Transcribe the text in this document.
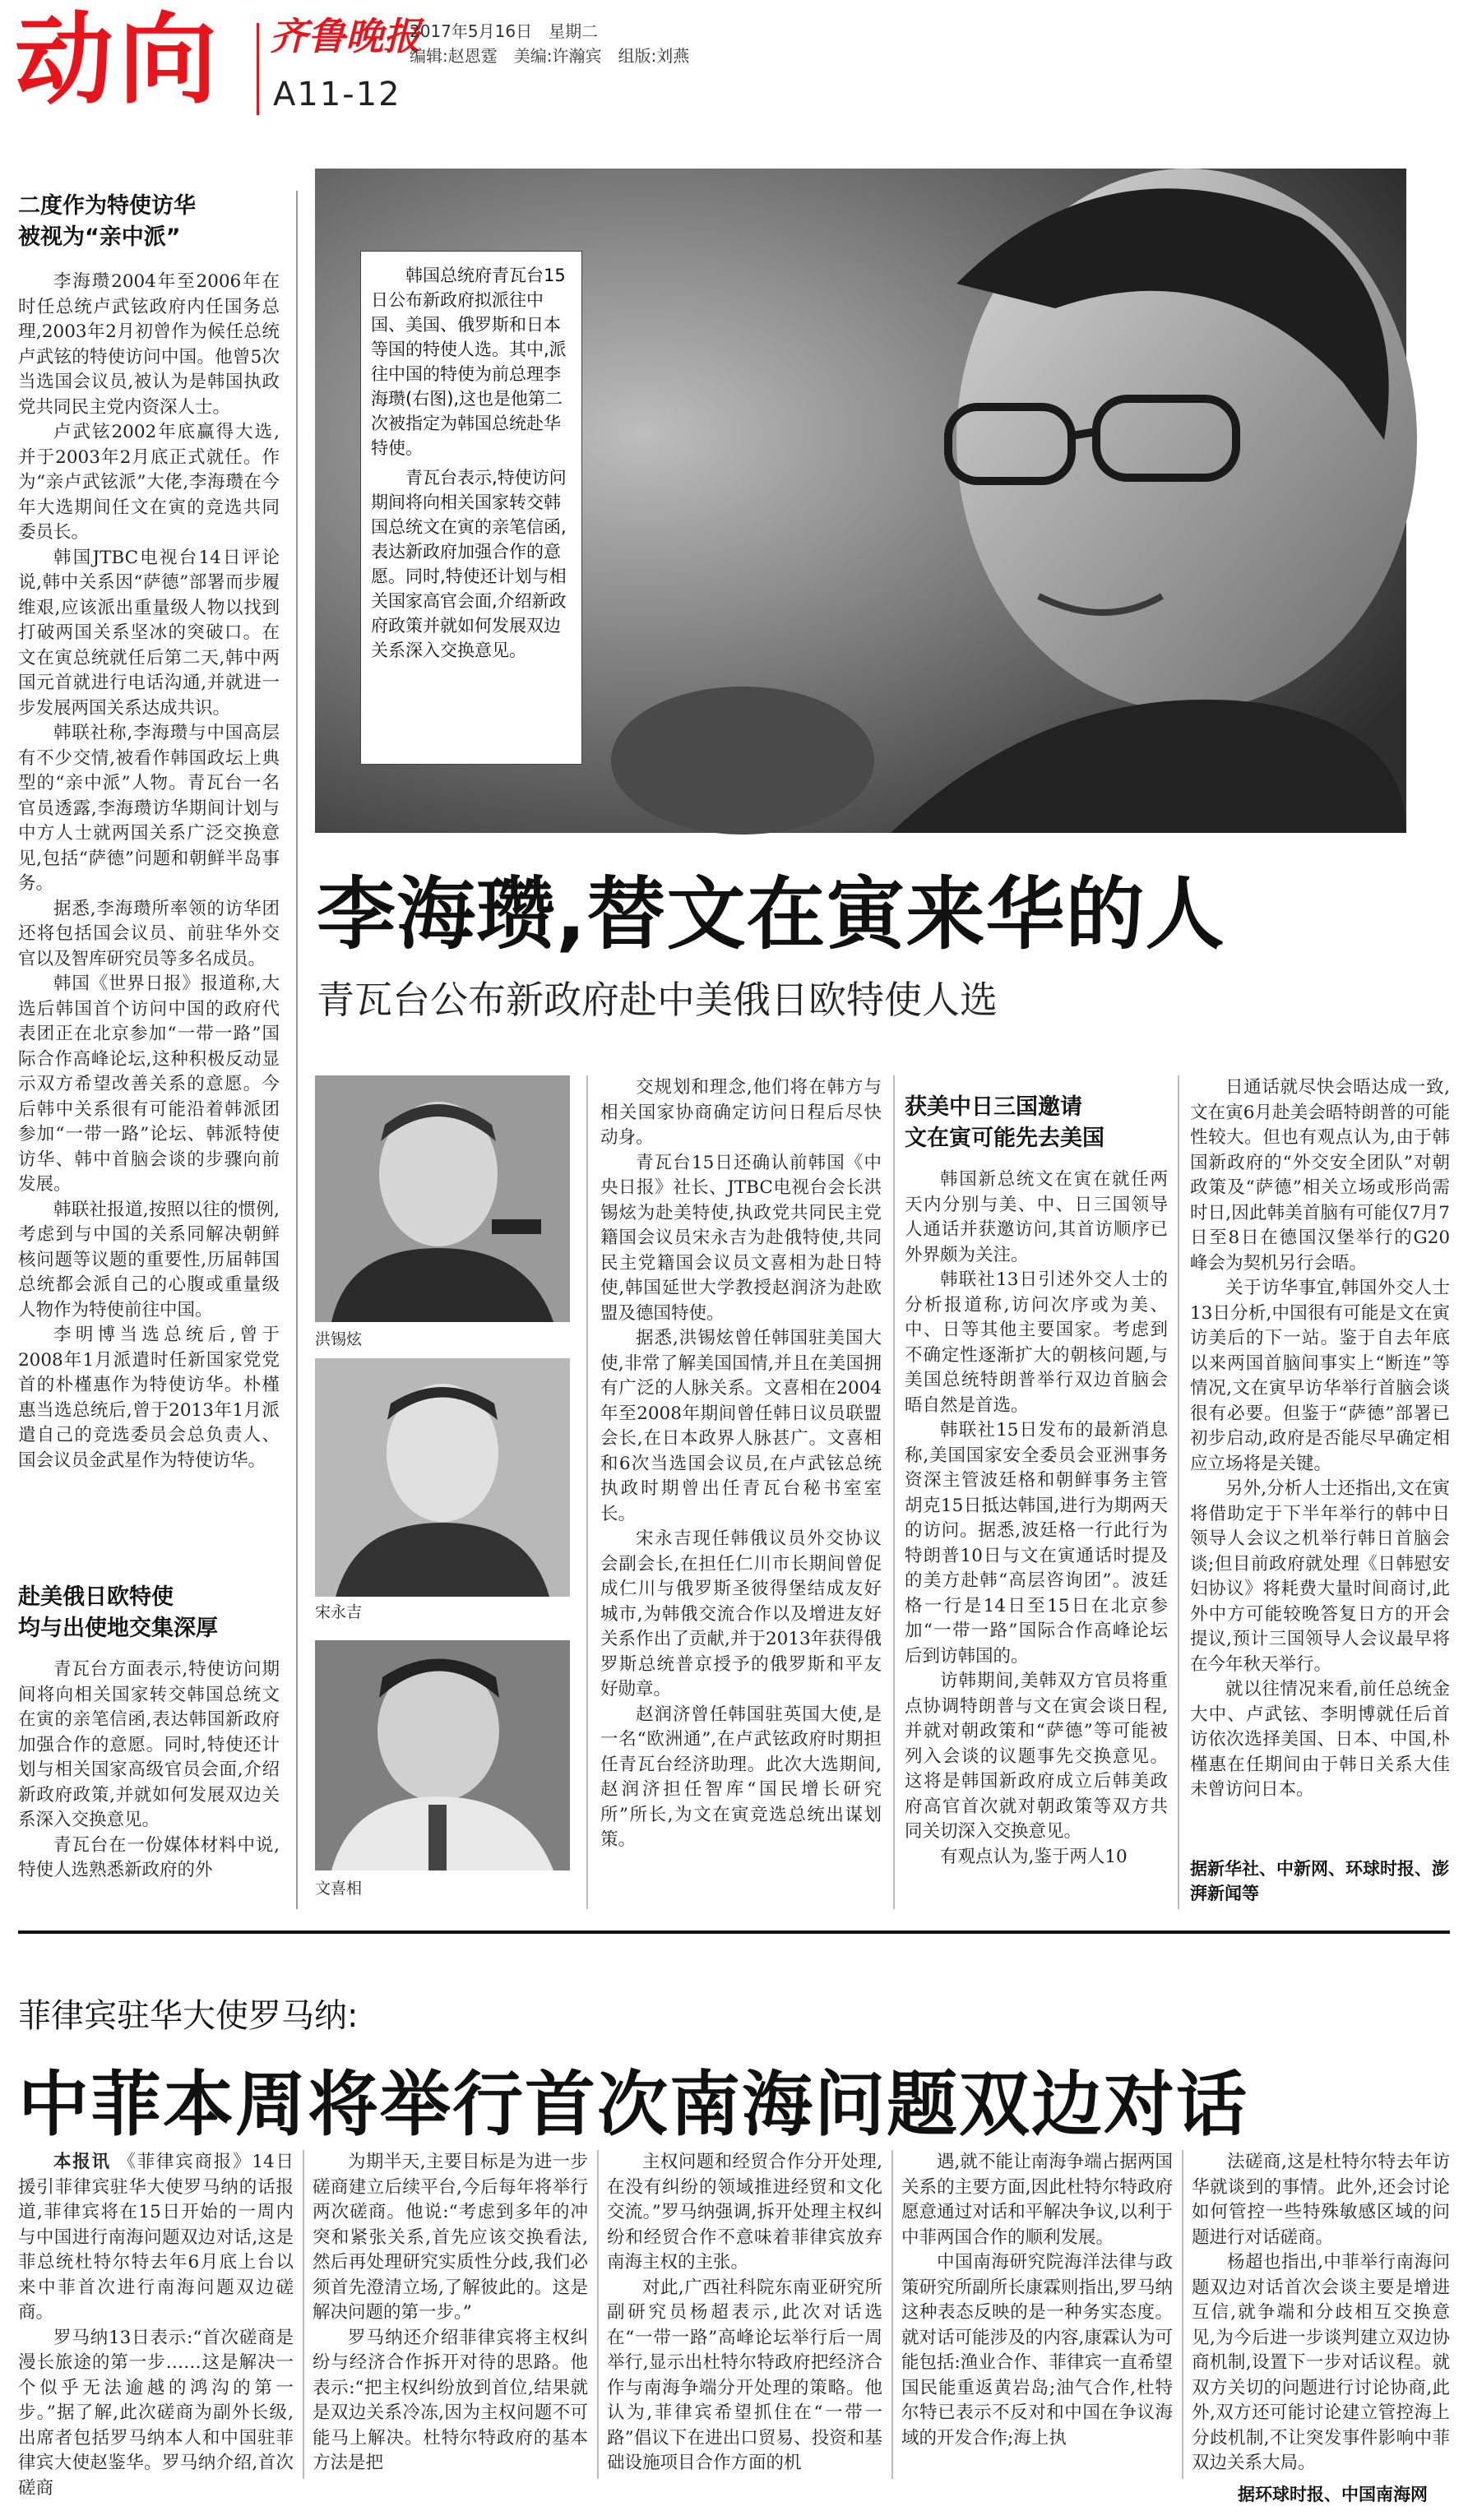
动向 齐鲁晚报
2017年5月16日　星期二
编辑:赵恩霆　美编:许瀚宾　组版:刘燕
A11-12
二度作为特使访华
被视为“亲中派”

李海瓒2004年至2006年在时任总统卢武铉政府内任国务总理,2003年2月初曾作为候任总统卢武铉的特使访问中国。他曾5次当选国会议员,被认为是韩国执政党共同民主党内资深人士。

卢武铉2002年底赢得大选,并于2003年2月底正式就任。作为“亲卢武铉派”大佬,李海瓒在今年大选期间任文在寅的竞选共同委员长。

韩国JTBC电视台14日评论说,韩中关系因“萨德”部署而步履维艰,应该派出重量级人物以找到打破两国关系坚冰的突破口。在文在寅总统就任后第二天,韩中两国元首就进行电话沟通,并就进一步发展两国关系达成共识。

韩联社称,李海瓒与中国高层有不少交情,被看作韩国政坛上典型的“亲中派”人物。青瓦台一名官员透露,李海瓒访华期间计划与中方人士就两国关系广泛交换意见,包括“萨德”问题和朝鲜半岛事务。

据悉,李海瓒所率领的访华团还将包括国会议员、前驻华外交官以及智库研究员等多名成员。

韩国《世界日报》报道称,大选后韩国首个访问中国的政府代表团正在北京参加“一带一路”国际合作高峰论坛,这种积极反动显示双方希望改善关系的意愿。今后韩中关系很有可能沿着韩派团参加“一带一路”论坛、韩派特使访华、韩中首脑会谈的步骤向前发展。

韩联社报道,按照以往的惯例,考虑到与中国的关系同解决朝鲜核问题等议题的重要性,历届韩国总统都会派自己的心腹或重量级人物作为特使前往中国。

李明博当选总统后,曾于2008年1月派遣时任新国家党党首的朴槿惠作为特使访华。朴槿惠当选总统后,曾于2013年1月派遣自己的竞选委员会总负责人、国会议员金武星作为特使访华。

赴美俄日欧特使
均与出使地交集深厚

青瓦台方面表示,特使访问期间将向相关国家转交韩国总统文在寅的亲笔信函,表达韩国新政府加强合作的意愿。同时,特使还计划与相关国家高级官员会面,介绍新政府政策,并就如何发展双边关系深入交换意见。

青瓦台在一份媒体材料中说,特使人选熟悉新政府的外

韩国总统府青瓦台15日公布新政府拟派往中国、美国、俄罗斯和日本等国的特使人选。其中,派往中国的特使为前总理李海瓒(右图),这也是他第二次被指定为韩国总统赴华特使。

青瓦台表示,特使访问期间将向相关国家转交韩国总统文在寅的亲笔信函,表达新政府加强合作的意愿。同时,特使还计划与相关国家高官会面,介绍新政府政策并就如何发展双边关系深入交换意见。

李海瓒,替文在寅来华的人
青瓦台公布新政府赴中美俄日欧特使人选
洪锡炫
宋永吉
文喜相

交规划和理念,他们将在韩方与相关国家协商确定访问日程后尽快动身。

青瓦台15日还确认前韩国《中央日报》社长、JTBC电视台会长洪锡炫为赴美特使,执政党共同民主党籍国会议员宋永吉为赴俄特使,共同民主党籍国会议员文喜相为赴日特使,韩国延世大学教授赵润济为赴欧盟及德国特使。

据悉,洪锡炫曾任韩国驻美国大使,非常了解美国国情,并且在美国拥有广泛的人脉关系。文喜相在2004年至2008年期间曾任韩日议员联盟会长,在日本政界人脉甚广。文喜相和6次当选国会议员,在卢武铉总统执政时期曾出任青瓦台秘书室室长。

宋永吉现任韩俄议员外交协议会副会长,在担任仁川市长期间曾促成仁川与俄罗斯圣彼得堡结成友好城市,为韩俄交流合作以及增进友好关系作出了贡献,并于2013年获得俄罗斯总统普京授予的俄罗斯和平友好勋章。

赵润济曾任韩国驻英国大使,是一名“欧洲通”,在卢武铉政府时期担任青瓦台经济助理。此次大选期间,赵润济担任智库“国民增长研究所”所长,为文在寅竞选总统出谋划策。

获美中日三国邀请
文在寅可能先去美国

韩国新总统文在寅在就任两天内分别与美、中、日三国领导人通话并获邀访问,其首访顺序已外界颇为关注。

韩联社13日引述外交人士的分析报道称,访问次序或为美、中、日等其他主要国家。考虑到不确定性逐渐扩大的朝核问题,与美国总统特朗普举行双边首脑会晤自然是首选。

韩联社15日发布的最新消息称,美国国家安全委员会亚洲事务资深主管波廷格和朝鲜事务主管胡克15日抵达韩国,进行为期两天的访问。据悉,波廷格一行此行为特朗普10日与文在寅通话时提及的美方赴韩“高层咨询团”。波廷格一行是14日至15日在北京参加“一带一路”国际合作高峰论坛后到访韩国的。

访韩期间,美韩双方官员将重点协调特朗普与文在寅会谈日程,并就对朝政策和“萨德”等可能被列入会谈的议题事先交换意见。这将是韩国新政府成立后韩美政府高官首次就对朝政策等双方共同关切深入交换意见。

有观点认为,鉴于两人10

日通话就尽快会晤达成一致,文在寅6月赴美会晤特朗普的可能性较大。但也有观点认为,由于韩国新政府的“外交安全团队”对朝政策及“萨德”相关立场或形尚需时日,因此韩美首脑有可能仅7月7日至8日在德国汉堡举行的G20峰会为契机另行会晤。

关于访华事宜,韩国外交人士13日分析,中国很有可能是文在寅访美后的下一站。鉴于自去年底以来两国首脑间事实上“断连”等情况,文在寅早访华举行首脑会谈很有必要。但鉴于“萨德”部署已初步启动,政府是否能尽早确定相应立场将是关键。

另外,分析人士还指出,文在寅将借助定于下半年举行的韩中日领导人会议之机举行韩日首脑会谈;但目前政府就处理《日韩慰安妇协议》将耗费大量时间商讨,此外中方可能较晚答复日方的开会提议,预计三国领导人会议最早将在今年秋天举行。

就以往情况来看,前任总统金大中、卢武铉、李明博就任后首访依次选择美国、日本、中国,朴槿惠在任期间由于韩日关系大佳未曾访问日本。

据新华社、中新网、环球时报、澎湃新闻等
菲律宾驻华大使罗马纳:
中菲本周将举行首次南海问题双边对话

本报讯 《菲律宾商报》14日援引菲律宾驻华大使罗马纳的话报道,菲律宾将在15日开始的一周内与中国进行南海问题双边对话,这是菲总统杜特尔特去年6月底上台以来中菲首次进行南海问题双边磋商。

罗马纳13日表示:“首次磋商是漫长旅途的第一步……这是解决一个似乎无法逾越的鸿沟的第一步。”据了解,此次磋商为副外长级,出席者包括罗马纳本人和中国驻菲律宾大使赵鉴华。罗马纳介绍,首次磋商

为期半天,主要目标是为进一步磋商建立后续平台,今后每年将举行两次磋商。他说:“考虑到多年的冲突和紧张关系,首先应该交换看法,然后再处理研究实质性分歧,我们必须首先澄清立场,了解彼此的。这是解决问题的第一步。”

罗马纳还介绍菲律宾将主权纠纷与经济合作拆开对待的思路。他表示:“把主权纠纷放到首位,结果就是双边关系冷冻,因为主权问题不可能马上解决。杜特尔特政府的基本方法是把

主权问题和经贸合作分开处理,在没有纠纷的领域推进经贸和文化交流。”罗马纳强调,拆开处理主权纠纷和经贸合作不意味着菲律宾放弃南海主权的主张。

对此,广西社科院东南亚研究所副研究员杨超表示,此次对话选在“一带一路”高峰论坛举行后一周举行,显示出杜特尔特政府把经济合作与南海争端分开处理的策略。他认为,菲律宾希望抓住在“一带一路”倡议下在进出口贸易、投资和基础设施项目合作方面的机

遇,就不能让南海争端占据两国关系的主要方面,因此杜特尔特政府愿意通过对话和平解决争议,以利于中菲两国合作的顺利发展。

中国南海研究院海洋法律与政策研究所副所长康霖则指出,罗马纳这种表态反映的是一种务实态度。就对话可能涉及的内容,康霖认为可能包括:渔业合作、菲律宾一直希望国民能重返黄岩岛;油气合作,杜特尔特已表示不反对和中国在争议海域的开发合作;海上执

法磋商,这是杜特尔特去年访华就谈到的事情。此外,还会讨论如何管控一些特殊敏感区域的问题进行对话磋商。

杨超也指出,中菲举行南海问题双边对话首次会谈主要是增进互信,就争端和分歧相互交换意见,为今后进一步谈判建立双边协商机制,设置下一步对话议程。就双方关切的问题进行讨论协商,此外,双方还可能讨论建立管控海上分歧机制,不让突发事件影响中菲双边关系大局。

据环球时报、中国南海网
